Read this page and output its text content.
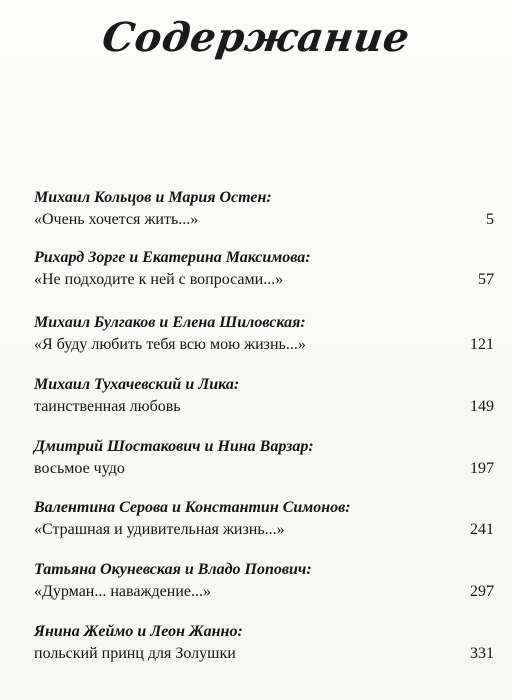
Содержание
Михаил Кольцов и Мария Остен:
«Очень хочется жить...»	5
Рихард Зорге и Екатерина Максимова:
«Не подходите к ней с вопросами...»	57
Михаил Булгаков и Елена Шиловская:
«Я буду любить тебя всю мою жизнь...»	121
Михаил Тухачевский и Лика:
таинственная любовь	149
Дмитрий Шостакович и Нина Варзар:
восьмое чудо	197
Валентина Серова и Константин Симонов:
«Страшная и удивительная жизнь...»	241
Татьяна Окуневская и Владо Попович:
«Дурман... наваждение...»	297
Янина Жеймо и Леон Жанно:
польский принц для Золушки	331
